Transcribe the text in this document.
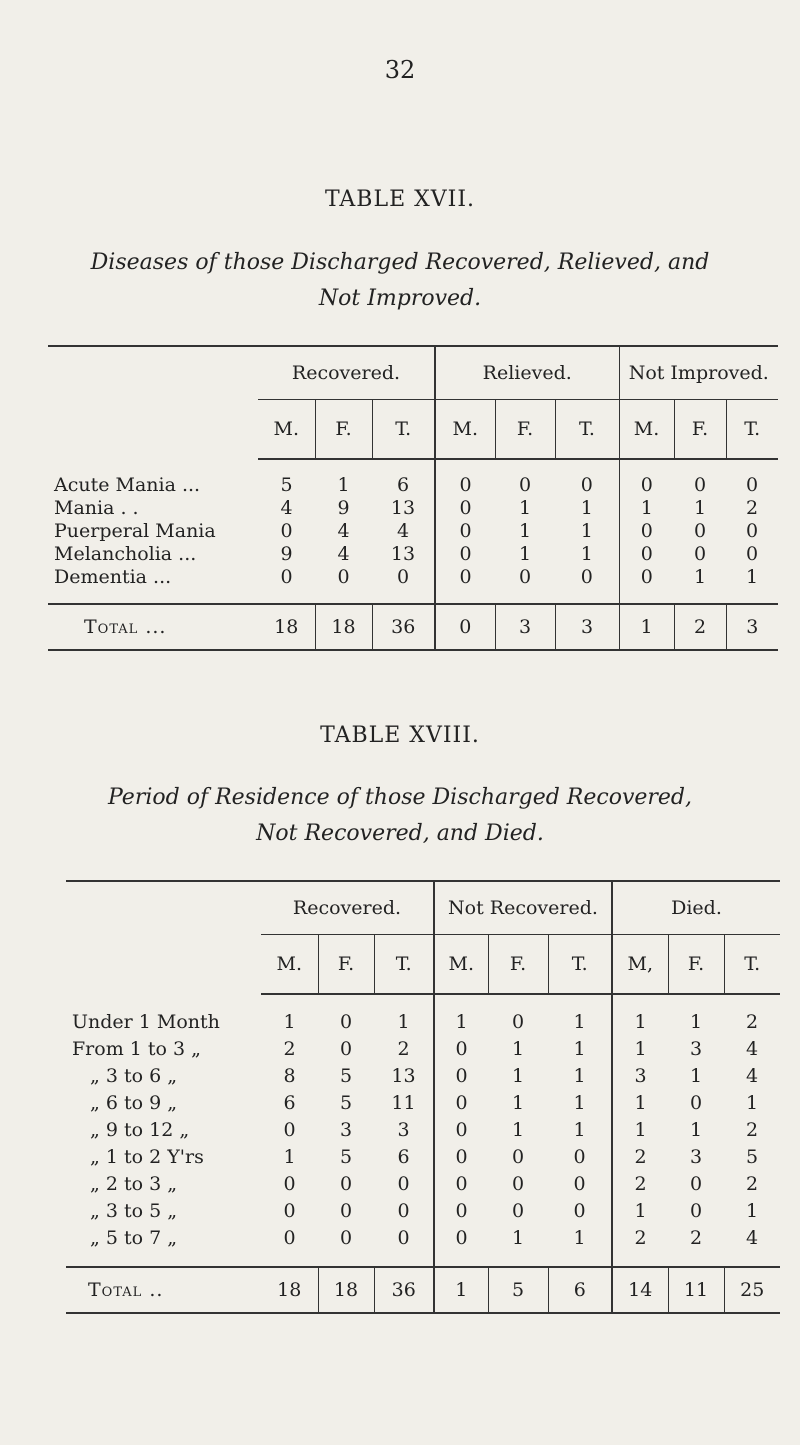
32
TABLE XVII.
Diseases of those Discharged Recovered, Relieved, and
Not Improved.
	Recovered.			Relieved.			Not Improved.		
	M.	F.	T.	M.	F.	T.	M.	F.	T.

Acute Mania ...	5	1	6	0	0	0	0	0	0
Mania . .	4	9	13	0	1	1	1	1	2
Puerperal Mania	0	4	4	0	1	1	0	0	0
Melancholia ...	9	4	13	0	1	1	0	0	0
Dementia ...	0	0	0	0	0	0	0	1	1

Total ...	18	18	36	0	3	3	1	2	3
TABLE XVIII.
Period of Residence of those Discharged Recovered,
Not Recovered, and Died.
	Recovered.			Not Recovered.			Died.		
	M.	F.	T.	M.	F.	T.	M,	F.	T.

Under 1 Month	1	0	1	1	0	1	1	1	2
From 1 to 3 „	2	0	2	0	1	1	1	3	4
„ 3 to 6 „	8	5	13	0	1	1	3	1	4
„ 6 to 9 „	6	5	11	0	1	1	1	0	1
„ 9 to 12 „	0	3	3	0	1	1	1	1	2
„ 1 to 2 Y'rs	1	5	6	0	0	0	2	3	5
„ 2 to 3 „	0	0	0	0	0	0	2	0	2
„ 3 to 5 „	0	0	0	0	0	0	1	0	1
„ 5 to 7 „	0	0	0	0	1	1	2	2	4

Total ..	18	18	36	1	5	6	14	11	25
